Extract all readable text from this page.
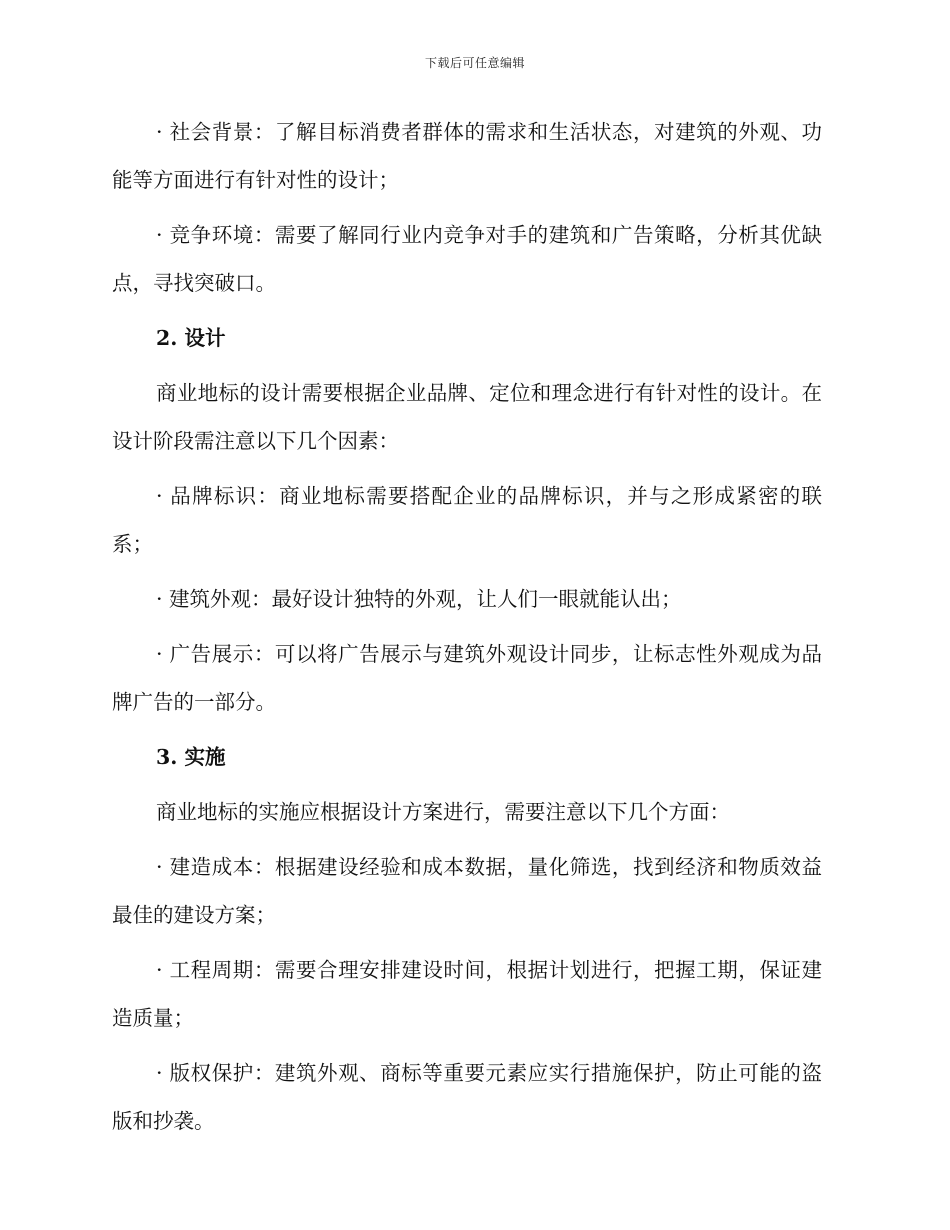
下载后可任意编辑

· 社会背景：了解目标消费者群体的需求和生活状态，对建筑的外观、功能等方面进行有针对性的设计；

· 竞争环境：需要了解同行业内竞争对手的建筑和广告策略，分析其优缺点，寻找突破口。

2. 设计

商业地标的设计需要根据企业品牌、定位和理念进行有针对性的设计。在设计阶段需注意以下几个因素：

· 品牌标识：商业地标需要搭配企业的品牌标识，并与之形成紧密的联系；

· 建筑外观：最好设计独特的外观，让人们一眼就能认出；

· 广告展示：可以将广告展示与建筑外观设计同步，让标志性外观成为品牌广告的一部分。

3. 实施

商业地标的实施应根据设计方案进行，需要注意以下几个方面：

· 建造成本：根据建设经验和成本数据，量化筛选，找到经济和物质效益最佳的建设方案；

· 工程周期：需要合理安排建设时间，根据计划进行，把握工期，保证建造质量；

· 版权保护：建筑外观、商标等重要元素应实行措施保护，防止可能的盗版和抄袭。
